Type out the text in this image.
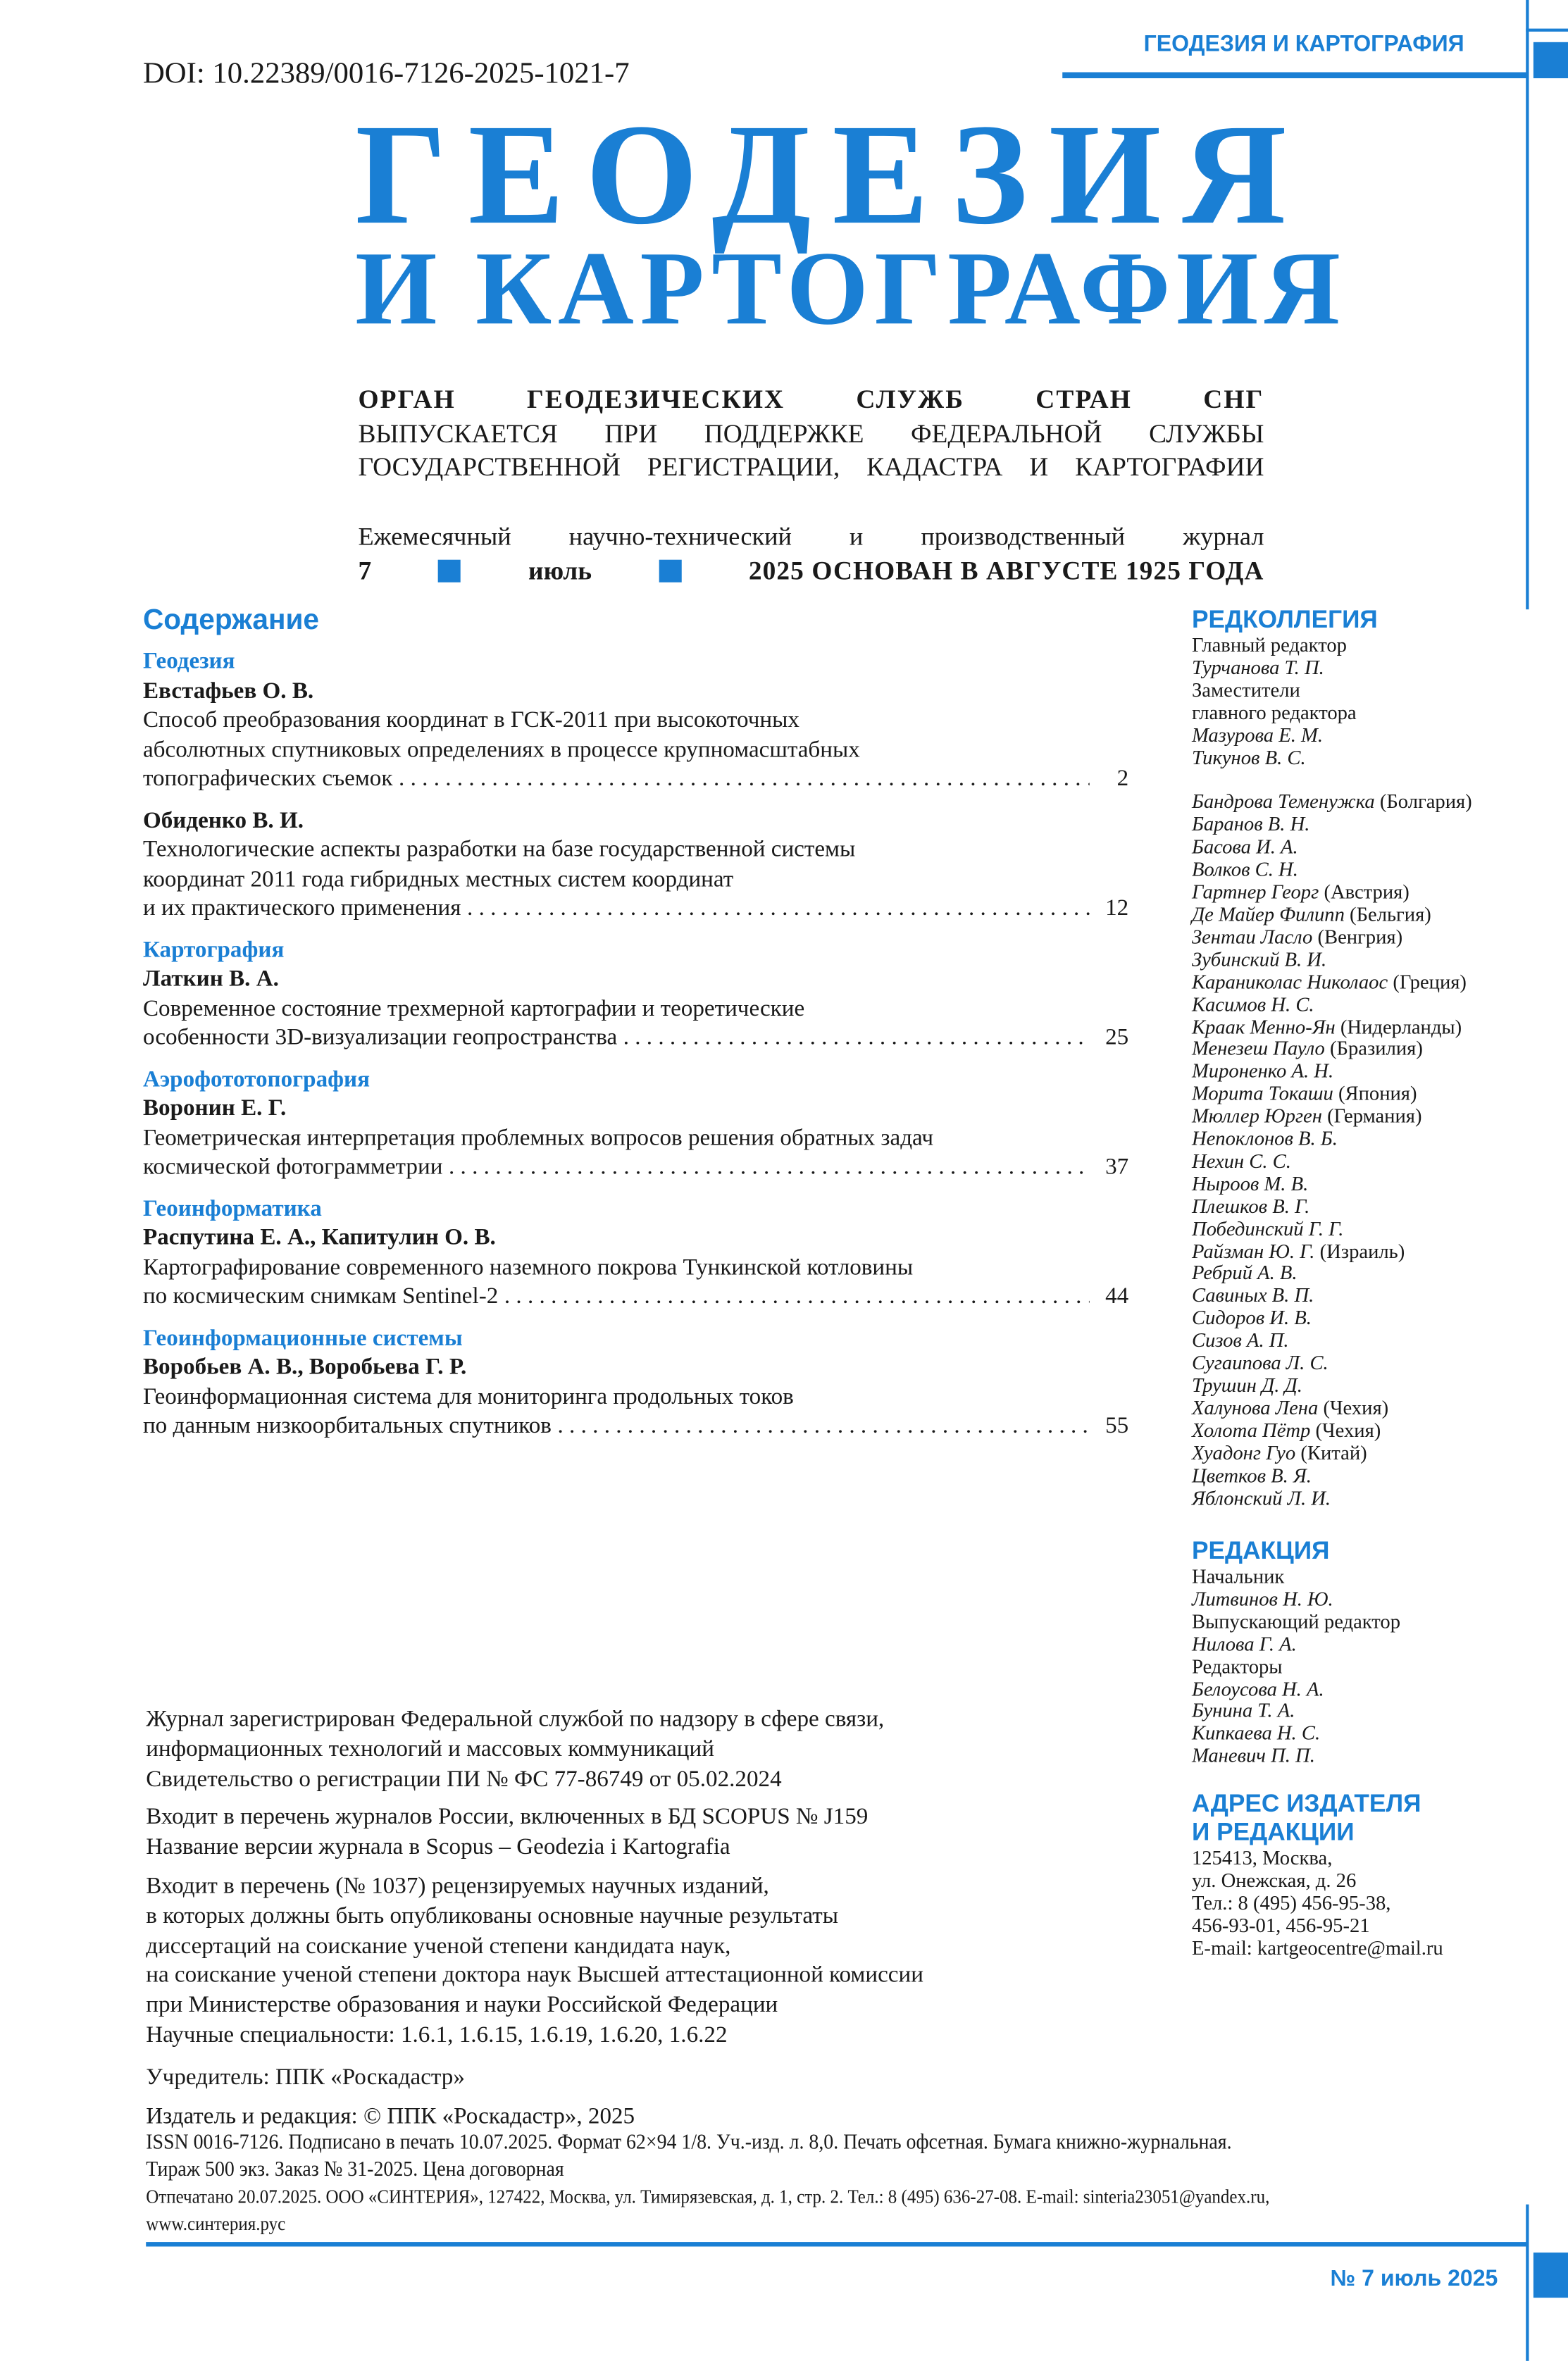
ГЕОДЕЗИЯ И КАРТОГРАФИЯ
DOI: 10.22389/0016-7126-2025-1021-7
ГЕОДЕЗИЯ
И КАРТОГРАФИЯ
ОРГАН ГЕОДЕЗИЧЕСКИХ СЛУЖБ СТРАН СНГ
ВЫПУСКАЕТСЯ ПРИ ПОДДЕРЖКЕ ФЕДЕРАЛЬНОЙ СЛУЖБЫ
ГОСУДАРСТВЕННОЙ РЕГИСТРАЦИИ, КАДАСТРА И КАРТОГРАФИИ
Ежемесячный научно-технический и производственный журнал
7	июль	2025 ОСНОВАН В АВГУСТЕ 1925 ГОДА
Содержание
Геодезия
Евстафьев О. В.
Способ преобразования координат в ГСК-2011 при высокоточных
абсолютных спутниковых определениях в процессе крупномасштабных
топографических съемок . . .	2
Обиденко В. И.
Технологические аспекты разработки на базе государственной системы
координат 2011 года гибридных местных систем координат
и их практического применения . . .	12
Картография
Латкин В. А.
Современное состояние трехмерной картографии и теоретические
особенности 3D-визуализации геопространства . . .	25
Аэрофототопография
Воронин Е. Г.
Геометрическая интерпретация проблемных вопросов решения обратных задач
космической фотограмметрии . . .	37
Геоинформатика
Распутина Е. А., Капитулин О. В.
Картографирование современного наземного покрова Тункинской котловины
по космическим снимкам Sentinel-2 . . .	44
Геоинформационные системы
Воробьев А. В., Воробьева Г. Р.
Геоинформационная система для мониторинга продольных токов
по данным низкоорбитальных спутников . . .	55
РЕДКОЛЛЕГИЯ
Главный редактор
Турчанова Т. П.
Заместители
главного редактора
Мазурова Е. М.
Тикунов В. С.
Бандрова Теменужка (Болгария)
Баранов В. Н.
Басова И. А.
Волков С. Н.
Гартнер Георг (Австрия)
Де Майер Филипп (Бельгия)
Зентаи Ласло (Венгрия)
Зубинский В. И.
Караниколас Николаос (Греция)
Касимов Н. С.
Краак Менно-Ян (Нидерланды)
Менезеш Пауло (Бразилия)
Мироненко А. Н.
Морита Токаши (Япония)
Мюллер Юрген (Германия)
Непоклонов В. Б.
Нехин С. С.
Ныроов М. В.
Плешков В. Г.
Побединский Г. Г.
Райзман Ю. Г. (Израиль)
Ребрий А. В.
Савиных В. П.
Сидоров И. В.
Сизов А. П.
Сугаипова Л. С.
Трушин Д. Д.
Халунова Лена (Чехия)
Холота Пётр (Чехия)
Хуадонг Гуо (Китай)
Цветков В. Я.
Яблонский Л. И.
РЕДАКЦИЯ
Начальник
Литвинов Н. Ю.
Выпускающий редактор
Нилова Г. А.
Редакторы
Белоусова Н. А.
Бунина Т. А.
Кипкаева Н. С.
Маневич П. П.
АДРЕС ИЗДАТЕЛЯ
И РЕДАКЦИИ
125413, Москва,
ул. Онежская, д. 26
Тел.: 8 (495) 456-95-38,
456-93-01, 456-95-21
E-mail: kartgeocentre@mail.ru

Журнал зарегистрирован Федеральной службой по надзору в сфере связи,
информационных технологий и массовых коммуникаций
Свидетельство о регистрации ПИ № ФС 77-86749 от 05.02.2024

Входит в перечень журналов России, включенных в БД SCOPUS № J159
Название версии журнала в Scopus – Geodezia i Kartografia

Входит в перечень (№ 1037) рецензируемых научных изданий,
в которых должны быть опубликованы основные научные результаты
диссертаций на соискание ученой степени кандидата наук,
на соискание ученой степени доктора наук Высшей аттестационной комиссии
при Министерстве образования и науки Российской Федерации
Научные специальности: 1.6.1, 1.6.15, 1.6.19, 1.6.20, 1.6.22

Учредитель: ППК «Роскадастр»

Издатель и редакция: © ППК «Роскадастр», 2025

ISSN 0016-7126. Подписано в печать 10.07.2025. Формат 62×94 1/8. Уч.-изд. л. 8,0. Печать офсетная. Бумага книжно-журнальная.
Тираж 500 экз. Заказ № 31-2025. Цена договорная
Отпечатано 20.07.2025. ООО «СИНТЕРИЯ», 127422, Москва, ул. Тимирязевская, д. 1, стр. 2. Тел.: 8 (495) 636-27-08. E-mail: sinteria23051@yandex.ru,
www.синтерия.рус
№ 7 июль 2025
